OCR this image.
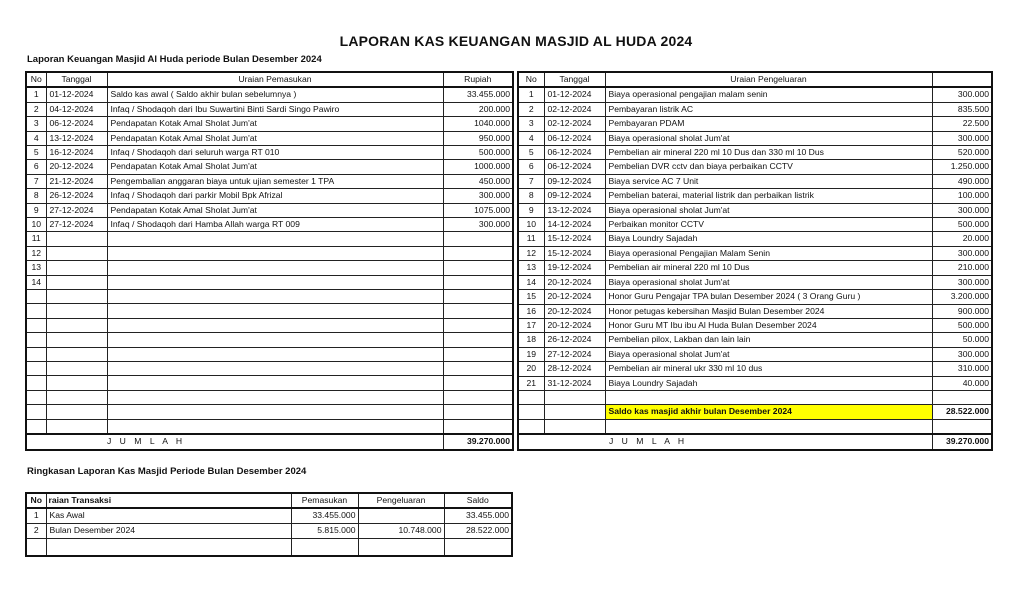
LAPORAN KAS KEUANGAN MASJID AL HUDA 2024
Laporan Keuangan Masjid Al Huda periode Bulan Desember 2024
No	Tanggal	Uraian Pemasukan	Rupiah
1	01-12-2024	Saldo kas awal ( Saldo akhir bulan sebelumnya )	33.455.000
2	04-12-2024	Infaq / Shodaqoh dari Ibu Suwartini Binti Sardi Singo Pawiro	200.000
3	06-12-2024	Pendapatan Kotak Amal Sholat Jum'at	1040.000
4	13-12-2024	Pendapatan Kotak Amal Sholat Jum'at	950.000
5	16-12-2024	Infaq / Shodaqoh dari seluruh warga RT 010	500.000
6	20-12-2024	Pendapatan Kotak Amal Sholat Jum'at	1000.000
7	21-12-2024	Pengembalian anggaran biaya untuk ujian semester 1 TPA	450.000
8	26-12-2024	Infaq / Shodaqoh dari parkir Mobil Bpk Afrizal	300.000
9	27-12-2024	Pendapatan Kotak Amal Sholat Jum'at	1075.000
10	27-12-2024	Infaq / Shodaqoh dari Hamba Allah warga RT 009	300.000
11			
12			
13			
14			

J U M L A H			39.270.000
No	Tanggal	Uraian Pengeluaran	
1	01-12-2024	Biaya operasional pengajian malam senin	300.000
2	02-12-2024	Pembayaran listrik AC	835.500
3	02-12-2024	Pembayaran PDAM	22.500
4	06-12-2024	Biaya operasional sholat Jum'at	300.000
5	06-12-2024	Pembelian air mineral 220 ml 10 Dus dan 330 ml 10 Dus	520.000
6	06-12-2024	Pembelian DVR cctv dan biaya perbaikan CCTV	1.250.000
7	09-12-2024	Biaya service AC 7 Unit	490.000
8	09-12-2024	Pembelian baterai, material listrik dan perbaikan listrik	100.000
9	13-12-2024	Biaya operasional sholat Jum'at	300.000
10	14-12-2024	Perbaikan monitor CCTV	500.000
11	15-12-2024	Biaya Loundry Sajadah	20.000
12	15-12-2024	Biaya operasional Pengajian Malam Senin	300.000
13	19-12-2024	Pembelian air mineral 220 ml 10 Dus	210.000
14	20-12-2024	Biaya operasional sholat Jum'at	300.000
15	20-12-2024	Honor Guru Pengajar TPA bulan Desember 2024 ( 3 Orang Guru )	3.200.000
16	20-12-2024	Honor petugas kebersihan Masjid Bulan Desember 2024	900.000
17	20-12-2024	Honor Guru MT Ibu ibu Al Huda Bulan Desember 2024	500.000
18	26-12-2024	Pembelian pilox, Lakban dan lain lain	50.000
19	27-12-2024	Biaya operasional sholat Jum'at	300.000
20	28-12-2024	Pembelian air mineral ukr 330 ml 10 dus	310.000
21	31-12-2024	Biaya Loundry Sajadah	40.000

		Saldo kas masjid akhir bulan Desember 2024	28.522.000

J U M L A H			39.270.000
Ringkasan Laporan Kas Masjid Periode Bulan Desember 2024
No	raian Transaksi	Pemasukan	Pengeluaran	Saldo
1	Kas Awal	33.455.000		33.455.000
2	Bulan Desember 2024	5.815.000	10.748.000	28.522.000
